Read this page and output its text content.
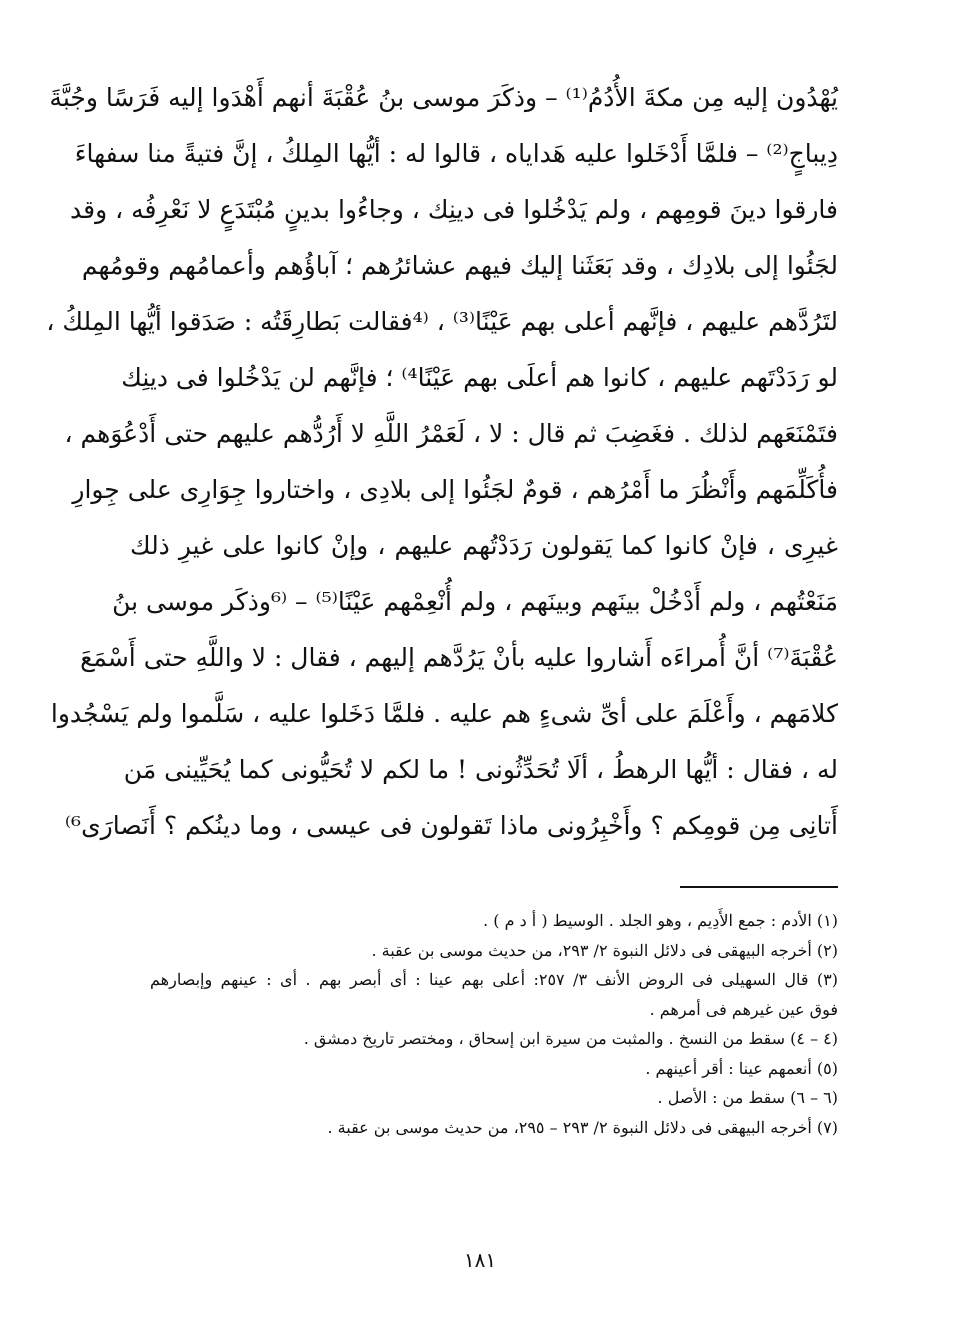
يُهْدُون إليه مِن مكةَ الأُدُمُ⁽¹⁾ – وذكَرَ موسى بنُ عُقْبَةَ أنهم أَهْدَوا إليه فَرَسًا وجُبَّةَ
دِيباجٍ⁽²⁾ – فلمَّا أَدْخَلوا عليه هَداياه ، قالوا له : أيُّها المِلكُ ، إنَّ فتيةً منا سفهاءَ
فارقوا دينَ قومِهم ، ولم يَدْخُلوا فى دينِك ، وجاءُوا بدينٍ مُبْتَدَعٍ لا نَعْرِفُه ، وقد
لجَئُوا إلى بلادِك ، وقد بَعَثَنا إليك فيهم عشائرُهم ؛ آباؤُهم وأعمامُهم وقومُهم
لتَرُدَّهم عليهم ، فإنَّهم أعلى بهم عَيْنًا⁽³⁾ ، ⁽⁴فقالت بَطارِقَتُه : صَدَقوا أيُّها المِلكُ ،
لو رَدَدْتَهم عليهم ، كانوا هم أعلَى بهم عَيْنًا⁴⁾ ؛ فإنَّهم لن يَدْخُلوا فى دينِك
فتَمْنَعَهم لذلك . فغَضِبَ ثم قال : لا ، لَعَمْرُ اللَّهِ لا أَرُدُّهم عليهم حتى أَدْعُوَهم ،
فأُكَلِّمَهم وأَنْظُرَ ما أَمْرُهم ، قومٌ لجَئُوا إلى بلادِى ، واختاروا جِوَارِى على جِوارِ
غيرِى ، فإنْ كانوا كما يَقولون رَدَدْتُهم عليهم ، وإنْ كانوا على غيرِ ذلك
مَنَعْتُهم ، ولم أَدْخُلْ بينَهم وبينَهم ، ولم أُنْعِمْهم عَيْنًا⁽⁵⁾ – ⁽⁶وذكَر موسى بنُ
عُقْبَةَ⁽⁷⁾ أنَّ أُمراءَه أَشاروا عليه بأنْ يَرُدَّهم إليهم ، فقال : لا واللَّهِ حتى أَسْمَعَ
كلامَهم ، وأَعْلَمَ على أىِّ شىءٍ هم عليه . فلمَّا دَخَلوا عليه ، سَلَّموا ولم يَسْجُدوا
له ، فقال : أيُّها الرهطُ ، ألَا تُحَدِّثُونى ! ما لكم لا تُحَيُّونى كما يُحَيِّينى مَن
أَتانِى مِن قومِكم ؟ وأَخْبِرُونى ماذا تَقولون فى عيسى ، وما دينُكم ؟ أَنَصارَى⁶⁾
(١) الأدم : جمع الأَدِيم ، وهو الجلد . الوسيط ( أ د م ) .
(٢) أخرجه البيهقى فى دلائل النبوة ٢/ ٢٩٣، من حديث موسى بن عقبة .
(٣) قال السهيلى فى الروض الأنف ٣/ ٢٥٧: أعلى بهم عينا : أى أبصر بهم . أى : عينهم وإبصارهم
فوق عين غيرهم فى أمرهم .
(٤ – ٤) سقط من النسخ . والمثبت من سيرة ابن إسحاق ، ومختصر تاريخ دمشق .
(٥) أنعمهم عينا : أقر أعينهم .
(٦ – ٦) سقط من : الأصل .
(٧) أخرجه البيهقى فى دلائل النبوة ٢/ ٢٩٣ – ٢٩٥، من حديث موسى بن عقبة .
١٨١
